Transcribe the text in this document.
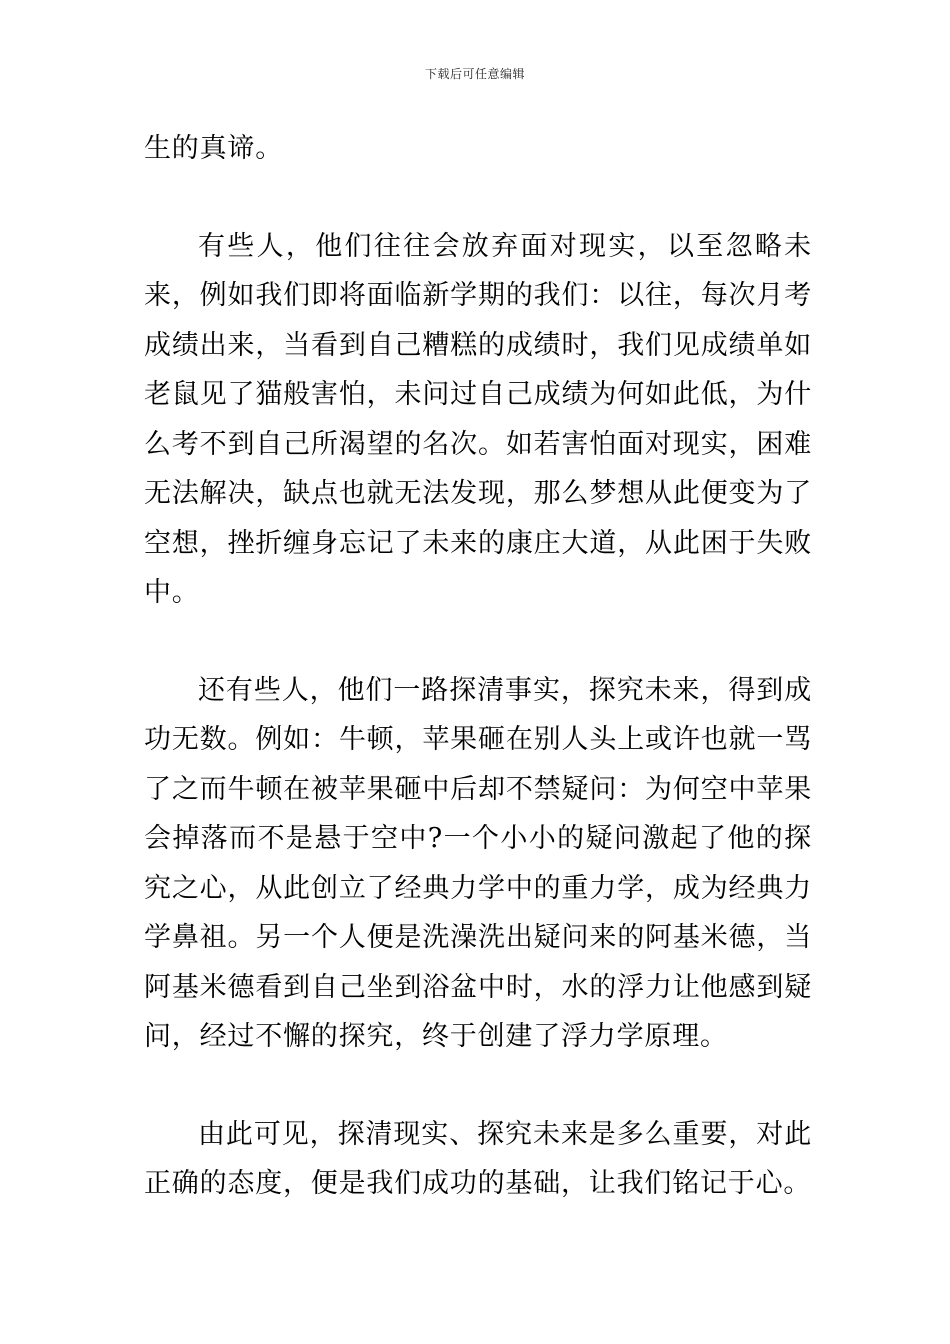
下载后可任意编辑

生的真谛。

有些人，他们往往会放弃面对现实，以至忽略未来，例如我们即将面临新学期的我们：以往，每次月考成绩出来，当看到自己糟糕的成绩时，我们见成绩单如老鼠见了猫般害怕，未问过自己成绩为何如此低，为什么考不到自己所渴望的名次。如若害怕面对现实，困难无法解决，缺点也就无法发现，那么梦想从此便变为了空想，挫折缠身忘记了未来的康庄大道，从此困于失败中。

还有些人，他们一路探清事实，探究未来，得到成功无数。例如：牛顿，苹果砸在别人头上或许也就一骂了之而牛顿在被苹果砸中后却不禁疑问：为何空中苹果会掉落而不是悬于空中?一个小小的疑问激起了他的探究之心，从此创立了经典力学中的重力学，成为经典力学鼻祖。另一个人便是洗澡洗出疑问来的阿基米德，当阿基米德看到自己坐到浴盆中时，水的浮力让他感到疑问，经过不懈的探究，终于创建了浮力学原理。

由此可见，探清现实、探究未来是多么重要，对此正确的态度，便是我们成功的基础，让我们铭记于心。
